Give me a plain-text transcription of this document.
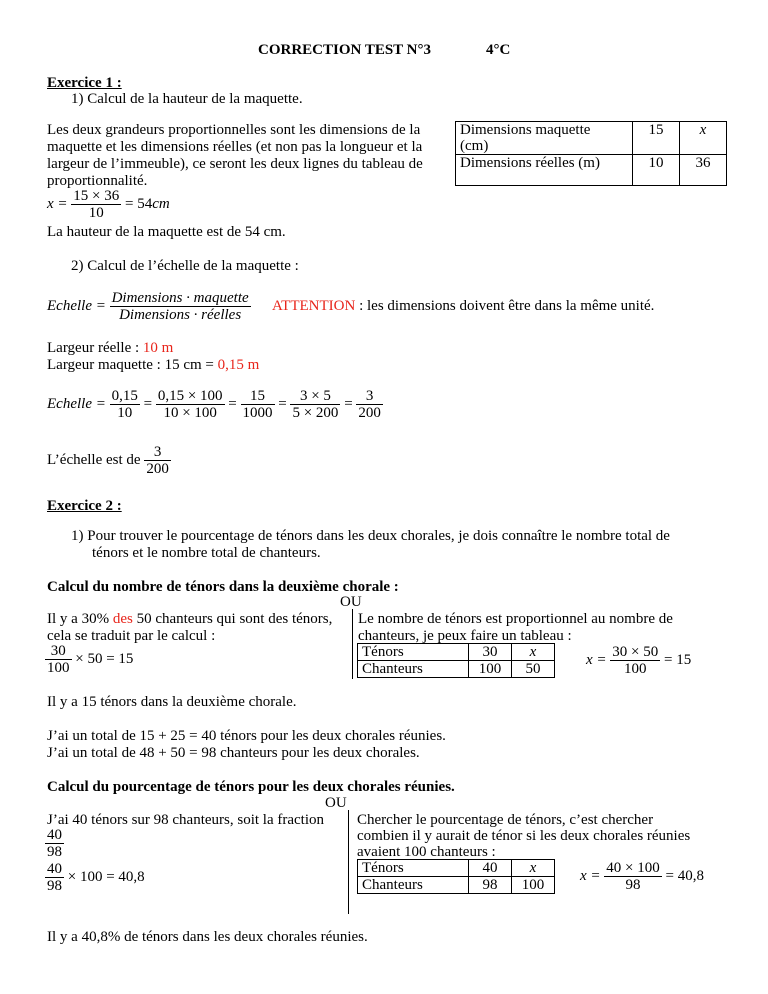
CORRECTION TEST N°3	4°C
Exercice 1 :
1) Calcul de la hauteur de la maquette.
Les deux grandeurs proportionnelles sont les dimensions de la
maquette et les dimensions réelles (et non pas la longueur et la
largeur de l’immeuble), ce seront les deux lignes du tableau de
proportionnalité.
Dimensions maquette
(cm)	15	x
Dimensions réelles (m)	10	36
$x = \frac{15 \times 36}{10} = 54cm$
La hauteur de la maquette est de 54 cm.
2) Calcul de l’échelle de la maquette :
Echelle = $\frac{\text{Dimensions · maquette}}{\text{Dimensions · réelles}}$ ATTENTION : les dimensions doivent être dans la même unité.
Largeur réelle : 10 m
Largeur maquette : 15 cm = 0,15 m
Echelle = $\frac{0,15}{10} = \frac{0,15 \times 100}{10 \times 100} = \frac{15}{1000} = \frac{3 \times 5}{5 \times 200} = \frac{3}{200}$
L’échelle est de $\frac{3}{200}$
Exercice 2 :
1) Pour trouver le pourcentage de ténors dans les deux chorales, je dois connaître le nombre total de
ténors et le nombre total de chanteurs.
Calcul du nombre de ténors dans la deuxième chorale :
OU
Il y a 30% des 50 chanteurs qui sont des ténors,
cela se traduit par le calcul :
$\frac{30}{100} \times 50 = 15$
Le nombre de ténors est proportionnel au nombre de
chanteurs, je peux faire un tableau :
Ténors	30	x
Chanteurs	100	50
$x = \frac{30 \times 50}{100} = 15$
Il y a 15 ténors dans la deuxième chorale.
J’ai un total de 15 + 25 = 40 ténors pour les deux chorales réunies.
J’ai un total de 48 + 50 = 98 chanteurs pour les deux chorales.
Calcul du pourcentage de ténors pour les deux chorales réunies.
OU
J’ai 40 ténors sur 98 chanteurs, soit la fraction
$\frac{40}{98}$
$\frac{40}{98} \times 100 = 40,8$
Chercher le pourcentage de ténors, c’est chercher
combien il y aurait de ténor si les deux chorales réunies
avaient 100 chanteurs :
Ténors	40	x
Chanteurs	98	100
$x = \frac{40 \times 100}{98} = 40,8$
Il y a 40,8% de ténors dans les deux chorales réunies.
